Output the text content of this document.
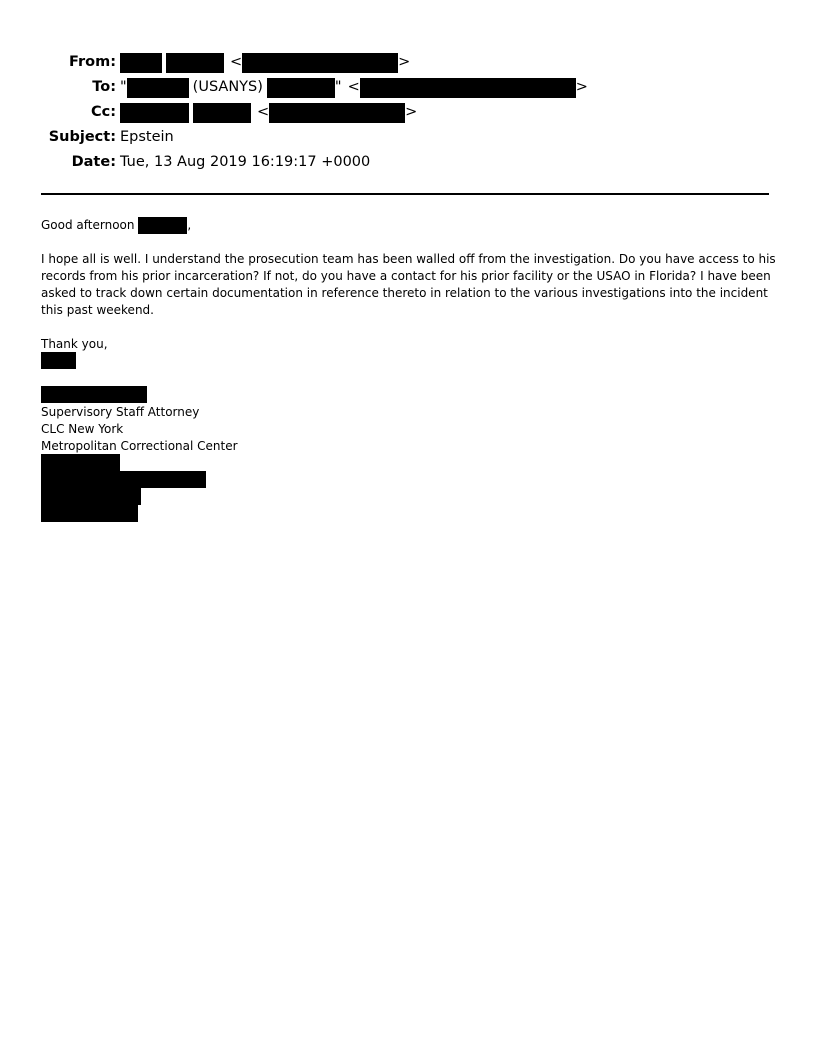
From:	<	>
To: "	(USANYS)	" <	>
Cc:	<	>
Subject: Epstein
Date: Tue, 13 Aug 2019 16:19:17 +0000
Good afternoon	,
I hope all is well. I understand the prosecution team has been walled off from the investigation. Do you have access to his records from his prior incarceration? If not, do you have a contact for his prior facility or the USAO in Florida? I have been asked to track down certain documentation in reference thereto in relation to the various investigations into the incident this past weekend.
Thank you,
Supervisory Staff Attorney
CLC New York
Metropolitan Correctional Center
